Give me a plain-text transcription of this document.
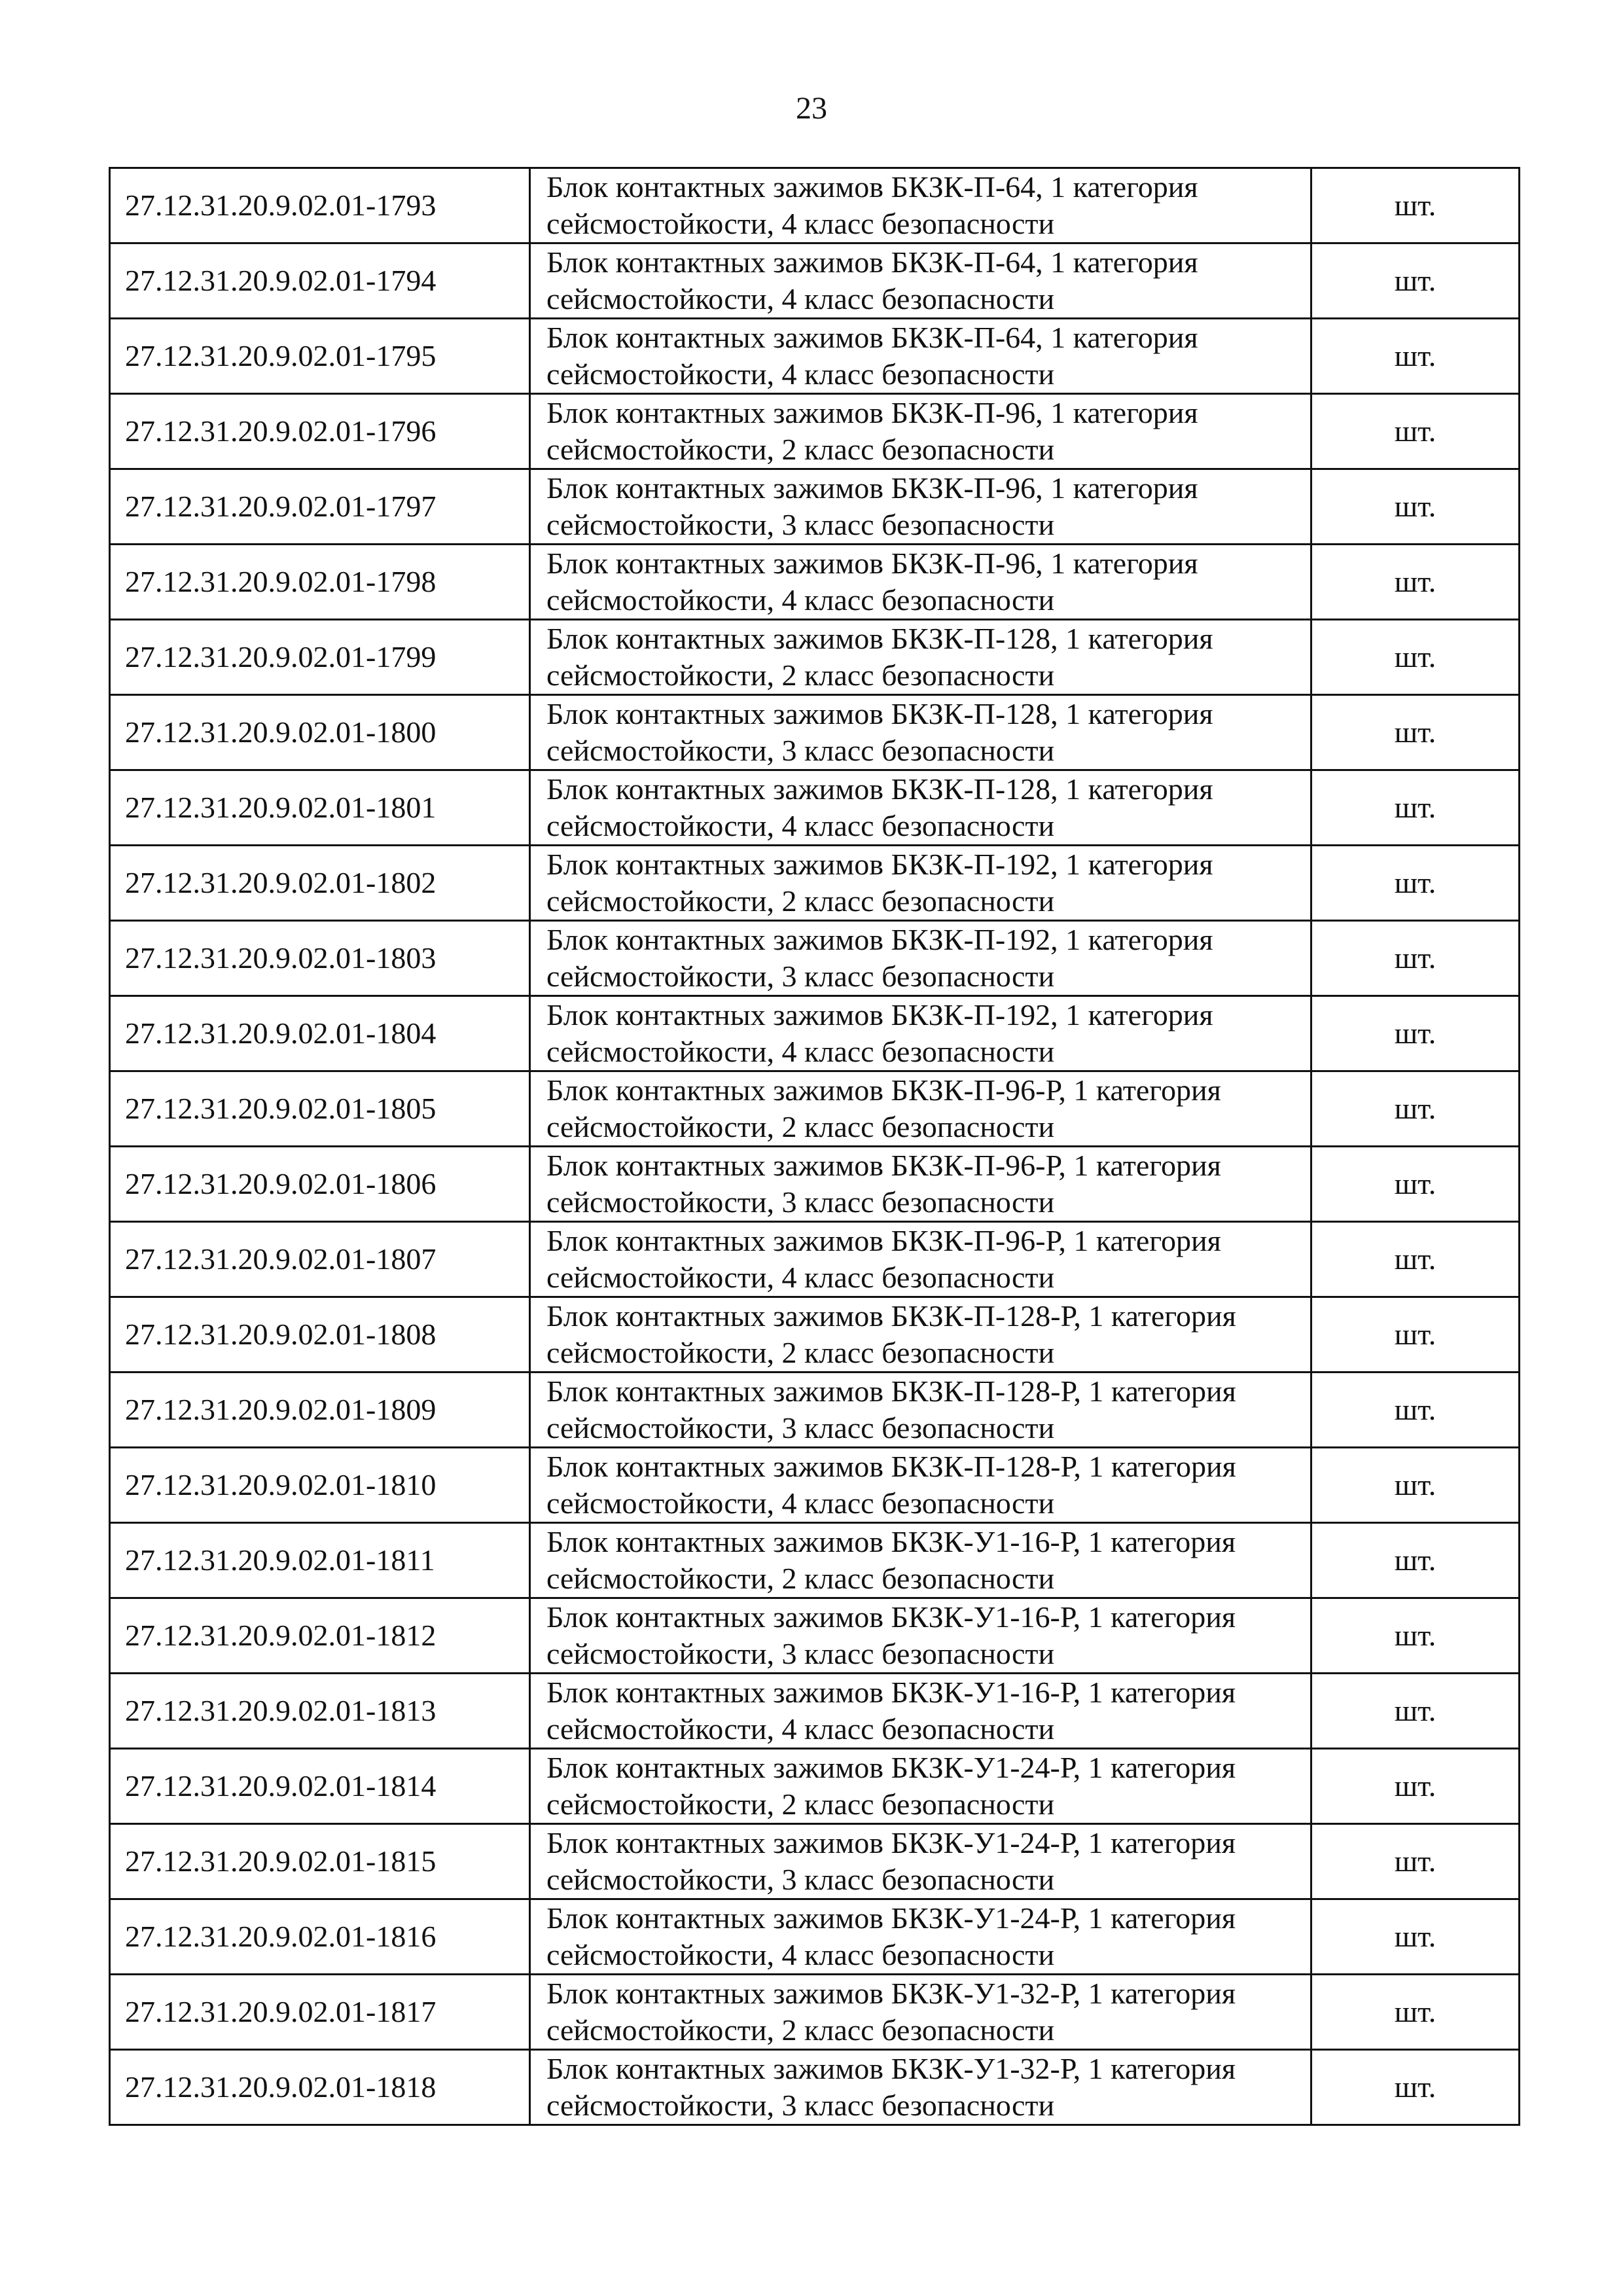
23
27.12.31.20.9.02.01-1793	Блок контактных зажимов БКЗК-П-64, 1 категория
сейсмостойкости, 4 класс безопасности	шт.
27.12.31.20.9.02.01-1794	Блок контактных зажимов БКЗК-П-64, 1 категория
сейсмостойкости, 4 класс безопасности	шт.
27.12.31.20.9.02.01-1795	Блок контактных зажимов БКЗК-П-64, 1 категория
сейсмостойкости, 4 класс безопасности	шт.
27.12.31.20.9.02.01-1796	Блок контактных зажимов БКЗК-П-96, 1 категория
сейсмостойкости, 2 класс безопасности	шт.
27.12.31.20.9.02.01-1797	Блок контактных зажимов БКЗК-П-96, 1 категория
сейсмостойкости, 3 класс безопасности	шт.
27.12.31.20.9.02.01-1798	Блок контактных зажимов БКЗК-П-96, 1 категория
сейсмостойкости, 4 класс безопасности	шт.
27.12.31.20.9.02.01-1799	Блок контактных зажимов БКЗК-П-128, 1 категория
сейсмостойкости, 2 класс безопасности	шт.
27.12.31.20.9.02.01-1800	Блок контактных зажимов БКЗК-П-128, 1 категория
сейсмостойкости, 3 класс безопасности	шт.
27.12.31.20.9.02.01-1801	Блок контактных зажимов БКЗК-П-128, 1 категория
сейсмостойкости, 4 класс безопасности	шт.
27.12.31.20.9.02.01-1802	Блок контактных зажимов БКЗК-П-192, 1 категория
сейсмостойкости, 2 класс безопасности	шт.
27.12.31.20.9.02.01-1803	Блок контактных зажимов БКЗК-П-192, 1 категория
сейсмостойкости, 3 класс безопасности	шт.
27.12.31.20.9.02.01-1804	Блок контактных зажимов БКЗК-П-192, 1 категория
сейсмостойкости, 4 класс безопасности	шт.
27.12.31.20.9.02.01-1805	Блок контактных зажимов БКЗК-П-96-Р, 1 категория
сейсмостойкости, 2 класс безопасности	шт.
27.12.31.20.9.02.01-1806	Блок контактных зажимов БКЗК-П-96-Р, 1 категория
сейсмостойкости, 3 класс безопасности	шт.
27.12.31.20.9.02.01-1807	Блок контактных зажимов БКЗК-П-96-Р, 1 категория
сейсмостойкости, 4 класс безопасности	шт.
27.12.31.20.9.02.01-1808	Блок контактных зажимов БКЗК-П-128-Р, 1 категория
сейсмостойкости, 2 класс безопасности	шт.
27.12.31.20.9.02.01-1809	Блок контактных зажимов БКЗК-П-128-Р, 1 категория
сейсмостойкости, 3 класс безопасности	шт.
27.12.31.20.9.02.01-1810	Блок контактных зажимов БКЗК-П-128-Р, 1 категория
сейсмостойкости, 4 класс безопасности	шт.
27.12.31.20.9.02.01-1811	Блок контактных зажимов БКЗК-У1-16-Р, 1 категория
сейсмостойкости, 2 класс безопасности	шт.
27.12.31.20.9.02.01-1812	Блок контактных зажимов БКЗК-У1-16-Р, 1 категория
сейсмостойкости, 3 класс безопасности	шт.
27.12.31.20.9.02.01-1813	Блок контактных зажимов БКЗК-У1-16-Р, 1 категория
сейсмостойкости, 4 класс безопасности	шт.
27.12.31.20.9.02.01-1814	Блок контактных зажимов БКЗК-У1-24-Р, 1 категория
сейсмостойкости, 2 класс безопасности	шт.
27.12.31.20.9.02.01-1815	Блок контактных зажимов БКЗК-У1-24-Р, 1 категория
сейсмостойкости, 3 класс безопасности	шт.
27.12.31.20.9.02.01-1816	Блок контактных зажимов БКЗК-У1-24-Р, 1 категория
сейсмостойкости, 4 класс безопасности	шт.
27.12.31.20.9.02.01-1817	Блок контактных зажимов БКЗК-У1-32-Р, 1 категория
сейсмостойкости, 2 класс безопасности	шт.
27.12.31.20.9.02.01-1818	Блок контактных зажимов БКЗК-У1-32-Р, 1 категория
сейсмостойкости, 3 класс безопасности	шт.
